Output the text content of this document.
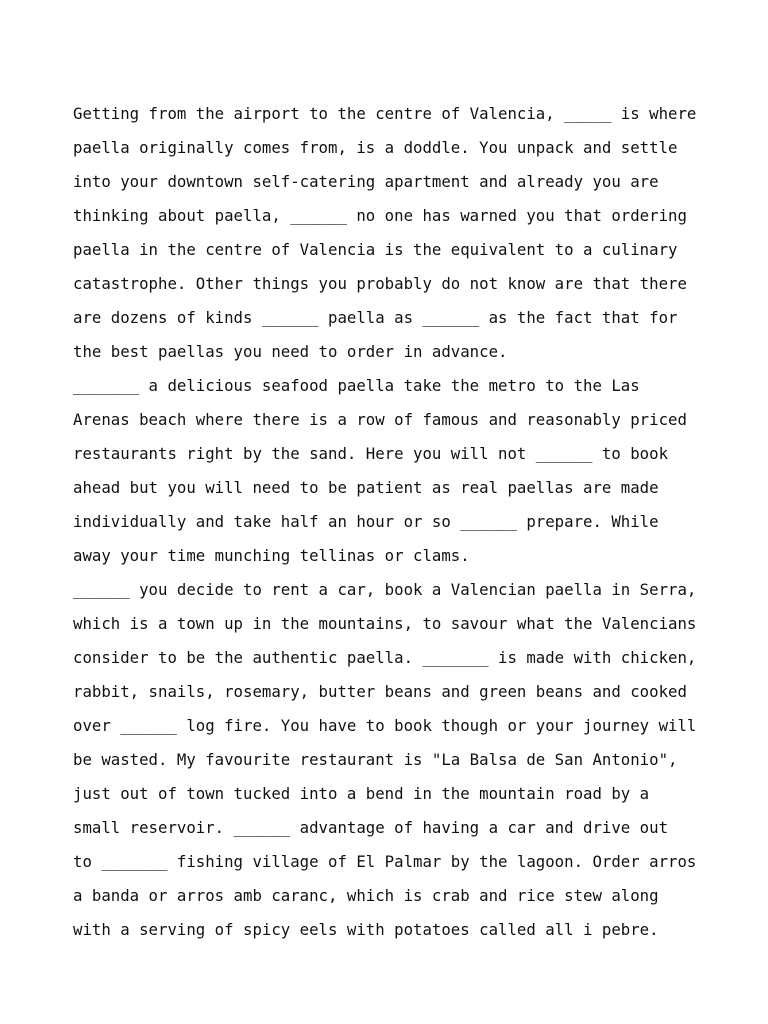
Getting from the airport to the centre of Valencia, _____ is where
paella originally comes from, is a doddle. You unpack and settle
into your downtown self-catering apartment and already you are
thinking about paella, ______ no one has warned you that ordering
paella in the centre of Valencia is the equivalent to a culinary
catastrophe. Other things you probably do not know are that there
are dozens of kinds ______ paella as ______ as the fact that for
the best paellas you need to order in advance.
_______ a delicious seafood paella take the metro to the Las
Arenas beach where there is a row of famous and reasonably priced
restaurants right by the sand. Here you will not ______ to book
ahead but you will need to be patient as real paellas are made
individually and take half an hour or so ______ prepare. While
away your time munching tellinas or clams.
______ you decide to rent a car, book a Valencian paella in Serra,
which is a town up in the mountains, to savour what the Valencians
consider to be the authentic paella. _______ is made with chicken,
rabbit, snails, rosemary, butter beans and green beans and cooked
over ______ log fire. You have to book though or your journey will
be wasted. My favourite restaurant is "La Balsa de San Antonio",
just out of town tucked into a bend in the mountain road by a
small reservoir. ______ advantage of having a car and drive out
to _______ fishing village of El Palmar by the lagoon. Order arros
a banda or arros amb caranc, which is crab and rice stew along
with a serving of spicy eels with potatoes called all i pebre.
